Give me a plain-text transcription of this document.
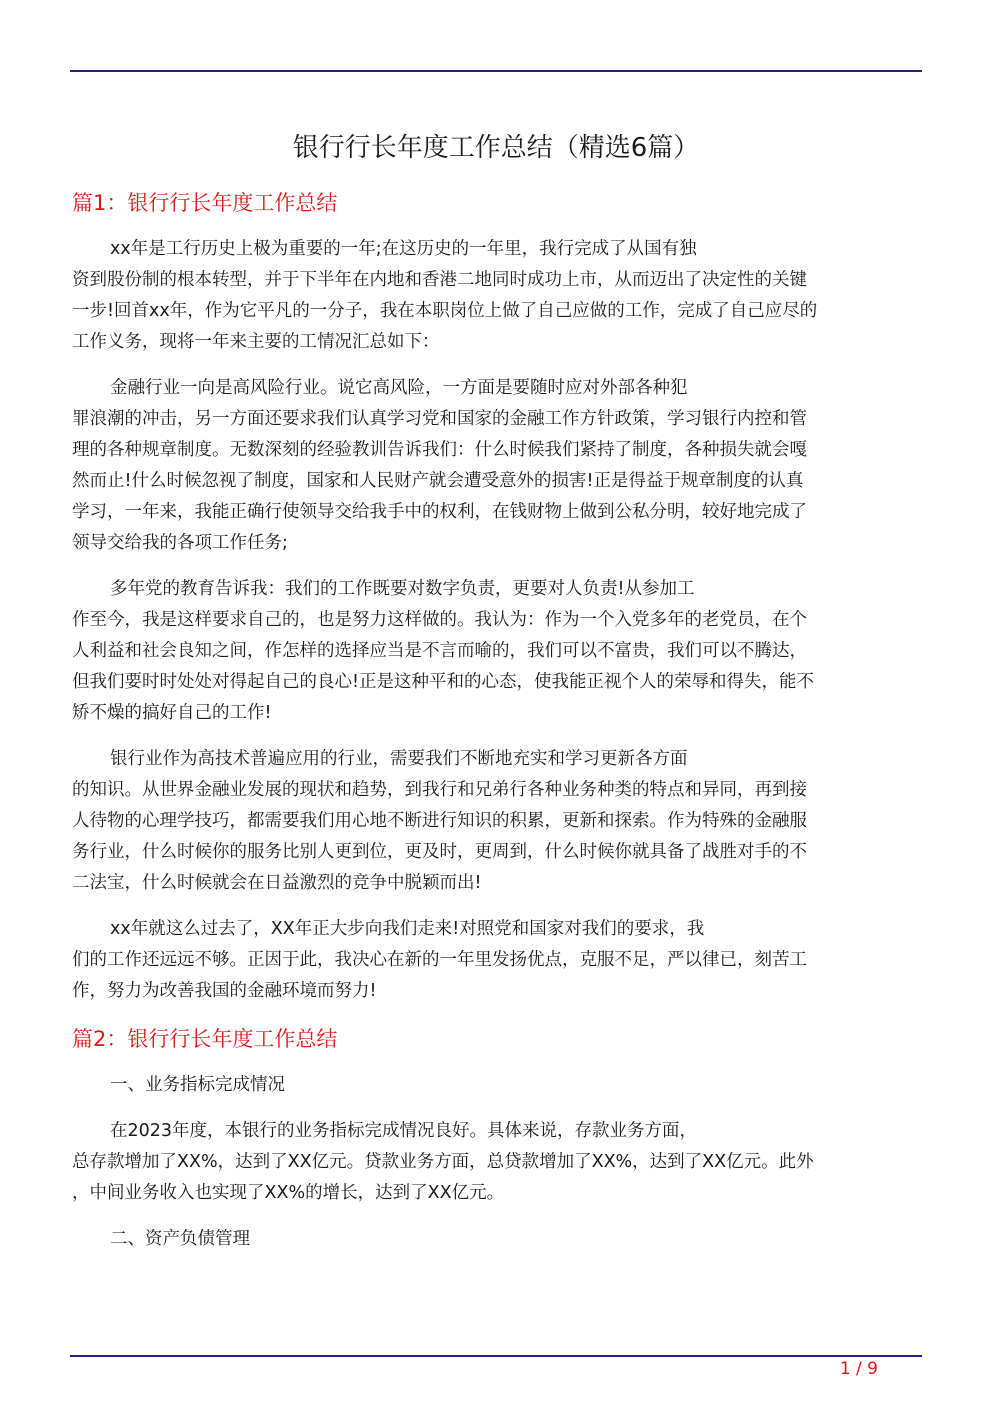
银行行长年度工作总结（精选6篇）
篇1：银行行长年度工作总结

xx年是工行历史上极为重要的一年;在这历史的一年里，我行完成了从国有独
资到股份制的根本转型，并于下半年在内地和香港二地同时成功上市，从而迈出了决定性的关键
一步!回首xx年，作为它平凡的一分子，我在本职岗位上做了自己应做的工作，完成了自己应尽的
工作义务，现将一年来主要的工情况汇总如下：

金融行业一向是高风险行业。说它高风险，一方面是要随时应对外部各种犯
罪浪潮的冲击，另一方面还要求我们认真学习党和国家的金融工作方针政策，学习银行内控和管
理的各种规章制度。无数深刻的经验教训告诉我们：什么时候我们紧持了制度，各种损失就会嘎
然而止!什么时候忽视了制度，国家和人民财产就会遭受意外的损害!正是得益于规章制度的认真
学习，一年来，我能正确行使领导交给我手中的权利，在钱财物上做到公私分明，较好地完成了
领导交给我的各项工作任务;

多年党的教育告诉我：我们的工作既要对数字负责，更要对人负责!从参加工
作至今，我是这样要求自己的，也是努力这样做的。我认为：作为一个入党多年的老党员，在个
人利益和社会良知之间，作怎样的选择应当是不言而喻的，我们可以不富贵，我们可以不腾达，
但我们要时时处处对得起自己的良心!正是这种平和的心态，使我能正视个人的荣辱和得失，能不
矫不燥的搞好自己的工作!

银行业作为高技术普遍应用的行业，需要我们不断地充实和学习更新各方面
的知识。从世界金融业发展的现状和趋势，到我行和兄弟行各种业务种类的特点和异同，再到接
人待物的心理学技巧，都需要我们用心地不断进行知识的积累，更新和探索。作为特殊的金融服
务行业，什么时候你的服务比别人更到位，更及时，更周到，什么时候你就具备了战胜对手的不
二法宝，什么时候就会在日益激烈的竞争中脱颖而出!

xx年就这么过去了，XX年正大步向我们走来!对照党和国家对我们的要求，我
们的工作还远远不够。正因于此，我决心在新的一年里发扬优点，克服不足，严以律已，刻苦工
作，努力为改善我国的金融环境而努力!

篇2：银行行长年度工作总结

一、业务指标完成情况

在2023年度，本银行的业务指标完成情况良好。具体来说，存款业务方面，
总存款增加了XX%，达到了XX亿元。贷款业务方面，总贷款增加了XX%，达到了XX亿元。此外
，中间业务收入也实现了XX%的增长，达到了XX亿元。

二、资产负债管理

1 / 9
